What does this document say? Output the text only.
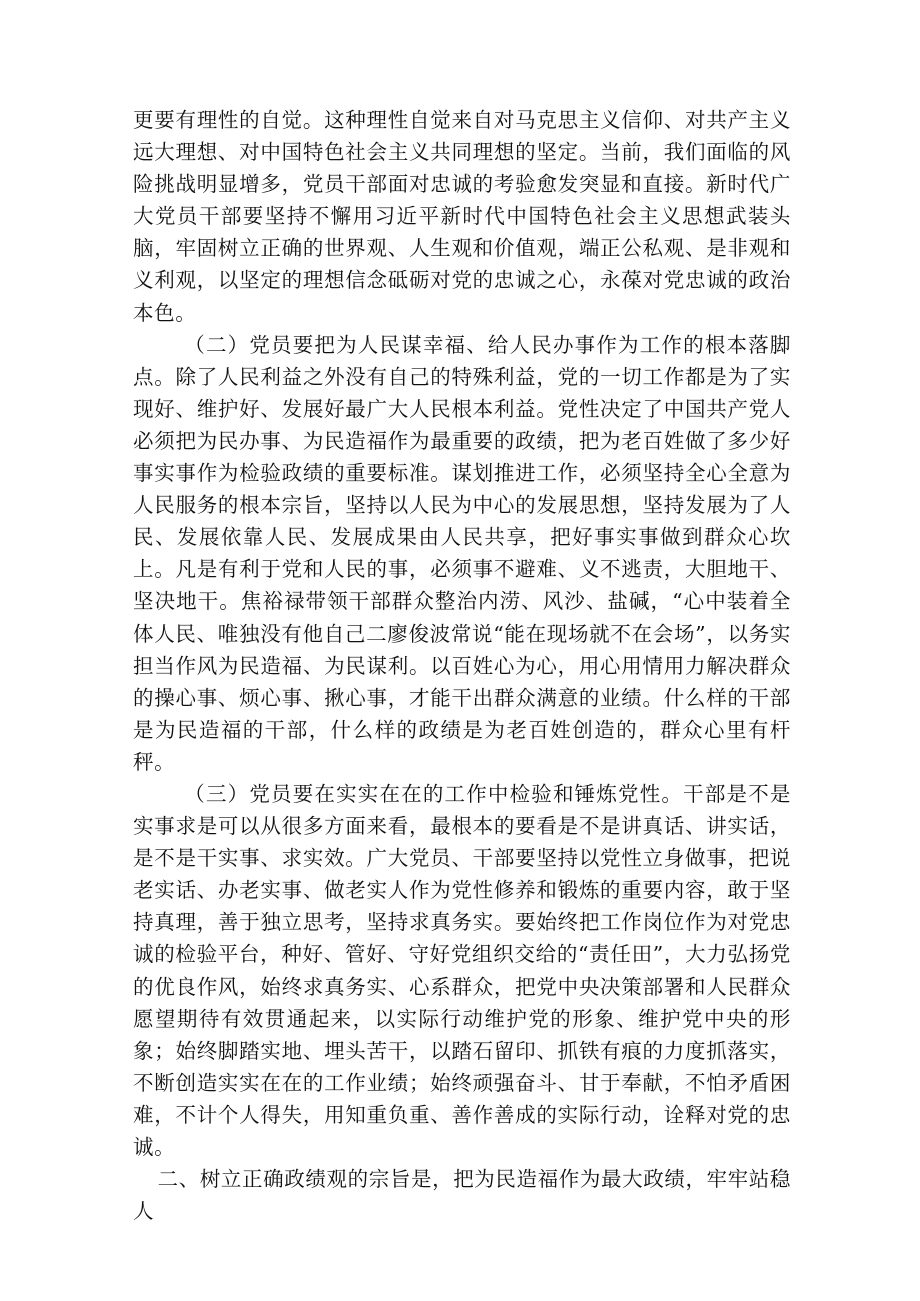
更要有理性的自觉。这种理性自觉来自对马克思主义信仰、对共产主义远大理想、对中国特色社会主义共同理想的坚定。当前，我们面临的风险挑战明显增多，党员干部面对忠诚的考验愈发突显和直接。新时代广大党员干部要坚持不懈用习近平新时代中国特色社会主义思想武装头脑，牢固树立正确的世界观、人生观和价值观，端正公私观、是非观和义利观，以坚定的理想信念砥砺对党的忠诚之心，永葆对党忠诚的政治本色。

（二）党员要把为人民谋幸福、给人民办事作为工作的根本落脚点。除了人民利益之外没有自己的特殊利益，党的一切工作都是为了实现好、维护好、发展好最广大人民根本利益。党性决定了中国共产党人必须把为民办事、为民造福作为最重要的政绩，把为老百姓做了多少好事实事作为检验政绩的重要标准。谋划推进工作，必须坚持全心全意为人民服务的根本宗旨，坚持以人民为中心的发展思想，坚持发展为了人民、发展依靠人民、发展成果由人民共享，把好事实事做到群众心坎上。凡是有利于党和人民的事，必须事不避难、义不逃责，大胆地干、坚决地干。焦裕禄带领干部群众整治内涝、风沙、盐碱，“心中装着全体人民、唯独没有他自己二廖俊波常说“能在现场就不在会场”，以务实担当作风为民造福、为民谋利。以百姓心为心，用心用情用力解决群众的操心事、烦心事、揪心事，才能干出群众满意的业绩。什么样的干部是为民造福的干部，什么样的政绩是为老百姓创造的，群众心里有杆秤。

（三）党员要在实实在在的工作中检验和锤炼党性。干部是不是实事求是可以从很多方面来看，最根本的要看是不是讲真话、讲实话，是不是干实事、求实效。广大党员、干部要坚持以党性立身做事，把说老实话、办老实事、做老实人作为党性修养和锻炼的重要内容，敢于坚持真理，善于独立思考，坚持求真务实。要始终把工作岗位作为对党忠诚的检验平台，种好、管好、守好党组织交给的“责任田”，大力弘扬党的优良作风，始终求真务实、心系群众，把党中央决策部署和人民群众愿望期待有效贯通起来，以实际行动维护党的形象、维护党中央的形象；始终脚踏实地、埋头苦干，以踏石留印、抓铁有痕的力度抓落实，不断创造实实在在的工作业绩；始终顽强奋斗、甘于奉献，不怕矛盾困难，不计个人得失，用知重负重、善作善成的实际行动，诠释对党的忠诚。

二、树立正确政绩观的宗旨是，把为民造福作为最大政绩，牢牢站稳人
